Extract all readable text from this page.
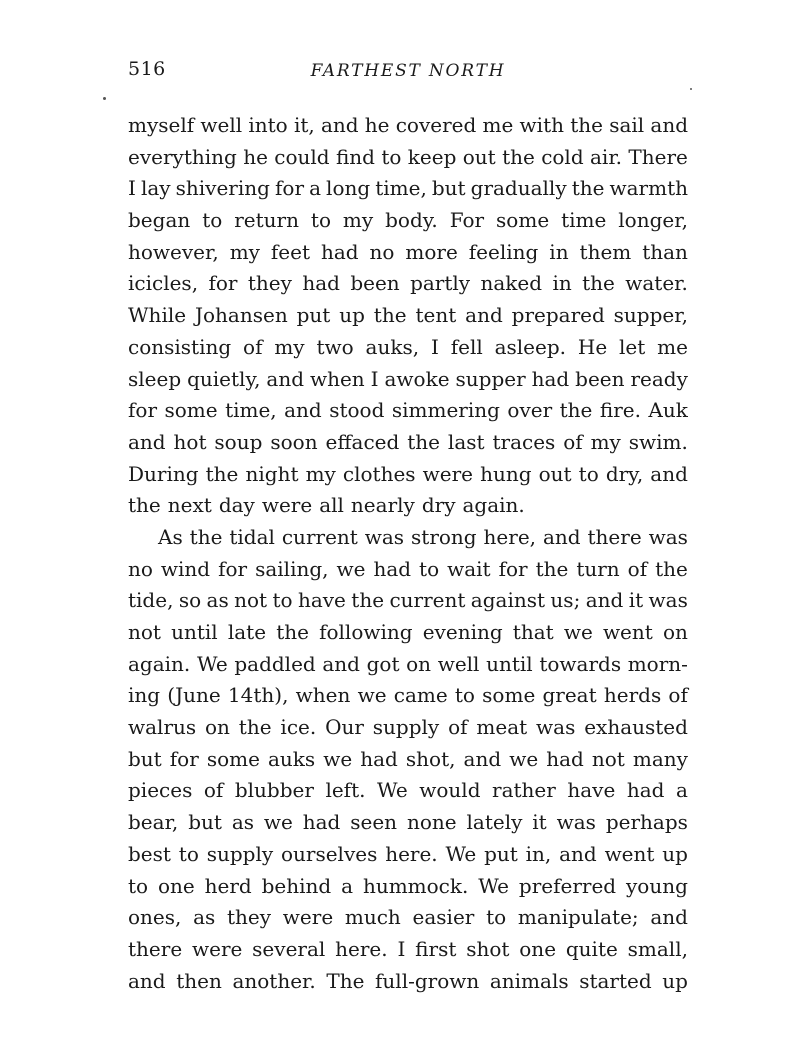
516	FARTHEST NORTH
myself well into it, and he covered me with the sail and
everything he could find to keep out the cold air. There
I lay shivering for a long time, but gradually the warmth
began to return to my body. For some time longer,
however, my feet had no more feeling in them than
icicles, for they had been partly naked in the water.
While Johansen put up the tent and prepared supper,
consisting of my two auks, I fell asleep. He let me
sleep quietly, and when I awoke supper had been ready
for some time, and stood simmering over the fire. Auk
and hot soup soon effaced the last traces of my swim.
During the night my clothes were hung out to dry, and
the next day were all nearly dry again.
As the tidal current was strong here, and there was
no wind for sailing, we had to wait for the turn of the
tide, so as not to have the current against us; and it was
not until late the following evening that we went on
again. We paddled and got on well until towards morn-
ing (June 14th), when we came to some great herds of
walrus on the ice. Our supply of meat was exhausted
but for some auks we had shot, and we had not many
pieces of blubber left. We would rather have had a
bear, but as we had seen none lately it was perhaps
best to supply ourselves here. We put in, and went up
to one herd behind a hummock. We preferred young
ones, as they were much easier to manipulate; and
there were several here. I first shot one quite small,
and then another. The full-grown animals started up
